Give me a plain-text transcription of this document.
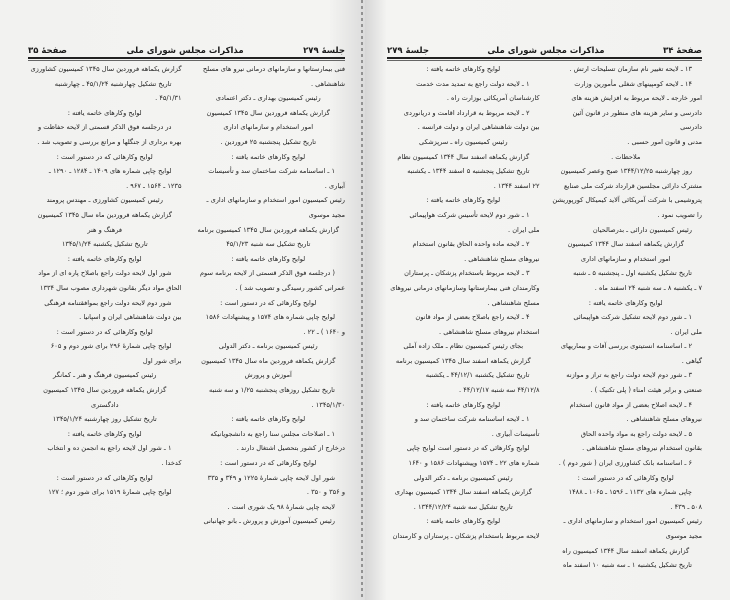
جلسهٔ ۲۷۹
مذاکرات مجلس شورای ملی
صفحهٔ ۳۵

فنی بیمارستانها و سازمانهای درمانی نیرو های مسلح

شاهنشاهی .

رئیس کمیسیون بهداری ـ دکتر اعتمادی

گزارش یکماهه فروردین سال ۱۳۴۵ کمیسیون

امور استخدام و سازمانهای اداری

تاریخ تشکیل پنجشنبه ۲۵ فروردین .

لوایح وکارهای خاتمه یافته :

۱ ـ اساسنامه شرکت ساختمان سد و تأسیسات

آبیاری .

رئیس کمیسیون امور استخدام و سازمانهای اداری ـ مجید موسوی

گزارش یکماهه فروردین سال ۱۳۴۵ کمیسیون برنامه

تاریخ تشکیل سه شنبه ۴۵/۱/۲۳

لوایح وکارهای خاتمه یافته :

( درجلسه فوق الذکر قسمتی از لایحه برنامه سوم

عمرانی کشور رسیدگی و تصویب شد ) .

لوایح وکارهائی که در دستور است :

لوایح چاپی شماره های ۱۵۷۴ و پیشنهادات ۱۵۸۶

و ۱۶۴۰ ) ـ ۲۲ .

رئیس کمیسیون برنامه ـ دکتر الدولی

گزارش یکماهه فروردین ماه سال ۱۳۴۵ کمیسیون

آموزش و پرورش

تاریخ تشکیل روزهای پنجشنبه ۱/۲۵ و سه شنبه

۱۳۴۵/۱/۳۰ .

لوایح وکارهای خاتمه یافته :

۱ ـ اصلاحات مجلس سنا راجع به دانشجویانیکه

درخارج از کشور بتحصیل اشتغال دارند .

لوایح وکارهائی که در دستور است :

شور اول لایحه چاپی شمارهٔ ۱۲۲۵ و ۳۴۹ و ۳۳۵

و ۳۵۶ و ۳۵۰ .

لایحه چاپی شمارهٔ ۹۸ یک شوری است .

رئیس کمیسیون آموزش و پرورش ـ بانو جهانبانی

گزارش یکماهه فروردین سال ۱۳۴۵ کمیسیون کشاورزی

تاریخ تشکیل چهارشنبه ۴۵/۱/۲۴ ـ چهارشنبه

۴۵/۱/۳۱ .

لوایح وکارهای خاتمه یافته :

در درجلسه فوق الذکر قسمتی از لایحه حفاظت و

بهره برداری از جنگلها و مراتع بررسی و تصویب شد .

لوایح وکارهائی که در دستور است :

لوایح چاپی شماره های ۱۴۰۹ ـ ۱۲۸۴ ـ ۱۲۹۰ ـ

۱۲۳۵ ـ ۱۵۶۴ ـ ۹۶۷ .

رئیس کمیسیون کشاورزی ـ مهندس پرومند

گزارش یکماهه فروردین ماه سال ۱۳۴۵ کمیسیون

فرهنگ و هنر

تاریخ تشکیل یکشنبه ۱۳۴۵/۱/۲۴

لوایح وکارهای خاتمه یافته :

شور اول لایحه دولت راجع باصلاح پاره ای از مواد

الحاق مواد دیگر بقانون شهرداری مصوب سال ۱۳۳۴

شور دوم لایحه دولت راجع بموافقتنامه فرهنگی

بین دولت شاهنشاهی ایران و اسپانیا .

لوایح وکارهائی که در دستور است :

لوایح چاپی شمارهٔ ۲۹۶ برای شور دوم و ۶۰۵

برای شور اول

رئیس کمیسیون فرهنگ و هنر ـ کمانگر

گزارش یکماهه فروردین سال ۱۳۴۵ کمیسیون

دادگستری

تاریخ تشکیل روز چهارشنبه ۱۳۴۵/۱/۲۴

لوایح وکارهای خاتمه یافته :

۱ ـ شور اول لایحه راجع به انجمن ده و انتخاب

کدخدا .

لوایح وکارهائی که در دستور است :

لوایح چاپی شمارهٔ ۱۵۱۹ برای شور دوم ؛ ۱۲۷

صفحهٔ ۳۴
مذاکرات مجلس شورای ملی
جلسهٔ ۲۷۹

۱۳ ـ لایحه تغییر نام سازمان تسلیحات ارتش .

۱۴ ـ لایحه کومپینهای شغلی مأمورین وزارت

امور خارجه ـ لایحه مربوط به افزایش هزینه های

دادرسی و سایر هزینه های منظور در قانون آئین دادرسی

مدنی و قانون امور حسبی .

ملاحظات .

روز چهارشنبه ۱۳۴۴/۱۲/۲۵ صبح وعصر کمیسیون

مشترک دارائی مجلسین قرارداد شرکت ملی صنایع

پتروشیمی با شرکت آمریکائی آلاید کیمیکال کورپوریشن

را تصویب نمود .

رئیس کمیسیون دارائی ـ بدرصالحیان

گزارش یکماهه اسفند سال ۱۳۴۴ کمیسیون

امور استخدام و سازمانهای اداری

تاریخ تشکیل یکشنبه اول ـ پنجشنبه ۵ ـ شنبه

۷ ـ یکشنبه ۸ ـ سه شنبه ۲۴ اسفند ماه .

لوایح وکارهای خاتمه یافته :

۱ ـ شور دوم لایحه تشکیل شرکت هواپیمائی

ملی ایران .

۲ ـ اساسنامه انستیتوی بررسی آفات و بیماریهای

گیاهی .

۳ ـ شور دوم لایحه دولت راجع به تراز و موازنه

صنعتی و برابر هیئت امناء ( پلی تکنیک ) .

۴ ـ لایحه اصلاح بعضی از مواد قانون استخدام

نیروهای مسلح شاهنشاهی .

۵ ـ لایحه دولت راجع به مواد واحده الحاق

بقانون استخدام نیروهای مسلح شاهنشاهی .

۶ ـ اساسنامه بانک کشاورزی ایران ( شور دوم ) .

لوایح وکارهائی که در دستور است :

چاپی شماره های ۱۱۳۲ ـ ۱۵۹۶ ـ ۱۰۶۵ ـ ۱۴۸۸

۵۰۸ ـ ۴۳۹ .

رئیس کمیسیون امور استخدام و سازمانهای اداری ـ مجید موسوی

گزارش یکماهه اسفند سال ۱۳۴۴ کمیسیون راه

تاریخ تشکیل یکشنبه ۱ ـ سه شنبه ۱۰ اسفند ماه

لوایح وکارهای خاتمه یافته :

۱ ـ لایحه دولت راجع به تمدید مدت خدمت

کارشناسان آمریکائی بوزارت راه .

۲ ـ لایحه مربوط به قرارداد اقامت و دریانوردی

بین دولت شاهنشاهی ایران و دولت فرانسه .

رئیس کمیسیون راه ـ سرپزشکی

گزارش یکماهه اسفند سال ۱۳۴۴ کمیسیون نظام

تاریخ تشکیل پنجشنبه ۵ اسفند ۱۳۴۴ ـ یکشنبه

۲۲ اسفند ۱۳۴۴ .

لوایح وکارهای خاتمه یافته :

۱ ـ شور دوم لایحه تأسیس شرکت هواپیمائی

ملی ایران .

۲ ـ لایحه ماده واحده الحاق بقانون استخدام

نیروهای مسلح شاهنشاهی .

۳ ـ لایحه مربوط باستخدام پزشکان ـ پرستاران

وکارمندان فنی بیمارستانها وسازمانهای درمانی نیروهای

مسلح شاهنشاهی .

۴ ـ لایحه راجع باصلاح بعضی از مواد قانون

استخدام نیروهای مسلح شاهنشاهی .

بجای رئیس کمیسیون نظام ـ ملک زاده آملی

گزارش یکماهه اسفند سال ۱۳۴۵ کمیسیون برنامه

تاریخ تشکیل یکشنبه ۴۴/۱۲/۱ ـ یکشنبه

۴۴/۱۲/۸ سه شنبه ۴۴/۱۲/۱۷ .

لوایح وکارهای خاتمه یافته :

۱ ـ لایحه اساسنامه شرکت ساختمان سد و

تأسیسات آبیاری .

لوایح وکارهائی که در دستور است لوایح چاپی

شماره های ۲۲ ـ ۱۵۷۴ وپیشنهادات ۱۵۸۶ و ۱۶۴۰

رئیس کمیسیون برنامه ـ دکتر الدولی

گزارش یکماهه اسفند سال ۱۳۴۴ کمیسیون بهداری

تاریخ تشکیل سه شنبه ۱۳۴۴/۱۲/۲۴ .

لوایح وکارهای خاتمه یافته :

لایحه مربوط باستخدام پزشکان ـ پرستاران و کارمندان
